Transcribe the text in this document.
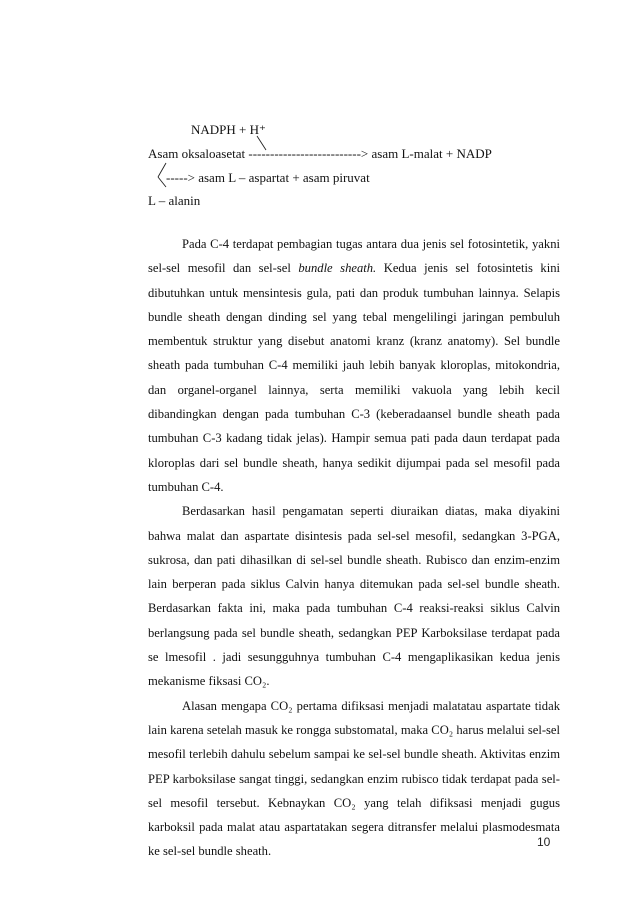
NADPH + H⁺
Asam oksaloasetat --------------------------> asam L-malat + NADP
-----> asam L – aspartat + asam piruvat
L – alanin

Pada C-4 terdapat pembagian tugas antara dua jenis sel fotosintetik, yakni sel-sel mesofil dan sel-sel bundle sheath. Kedua jenis sel fotosintetis kini dibutuhkan untuk mensintesis gula, pati dan produk tumbuhan lainnya. Selapis bundle sheath dengan dinding sel yang tebal mengelilingi jaringan pembuluh membentuk struktur yang disebut anatomi kranz (kranz anatomy). Sel bundle sheath pada tumbuhan C-4 memiliki jauh lebih banyak kloroplas, mitokondria, dan organel-organel lainnya, serta memiliki vakuola yang lebih kecil dibandingkan dengan pada tumbuhan C-3 (keberadaansel bundle sheath pada tumbuhan C-3 kadang tidak jelas). Hampir semua pati pada daun terdapat pada kloroplas dari sel bundle sheath, hanya sedikit dijumpai pada sel mesofil pada tumbuhan C-4.

Berdasarkan hasil pengamatan seperti diuraikan diatas, maka diyakini bahwa malat dan aspartate disintesis pada sel-sel mesofil, sedangkan 3-PGA, sukrosa, dan pati dihasilkan di sel-sel bundle sheath. Rubisco dan enzim-enzim lain berperan pada siklus Calvin hanya ditemukan pada sel-sel bundle sheath. Berdasarkan fakta ini, maka pada tumbuhan C-4 reaksi-reaksi siklus Calvin berlangsung pada sel bundle sheath, sedangkan PEP Karboksilase terdapat pada se lmesofil . jadi sesungguhnya tumbuhan C-4 mengaplikasikan kedua jenis mekanisme fiksasi CO₂.

Alasan mengapa CO₂ pertama difiksasi menjadi malatatau aspartate tidak lain karena setelah masuk ke rongga substomatal, maka CO₂ harus melalui sel-sel mesofil terlebih dahulu sebelum sampai ke sel-sel bundle sheath. Aktivitas enzim PEP karboksilase sangat tinggi, sedangkan enzim rubisco tidak terdapat pada sel-sel mesofil tersebut. Kebnaykan CO₂ yang telah difiksasi menjadi gugus karboksil pada malat atau aspartatakan segera ditransfer melalui plasmodesmata ke sel-sel bundle sheath.

10
